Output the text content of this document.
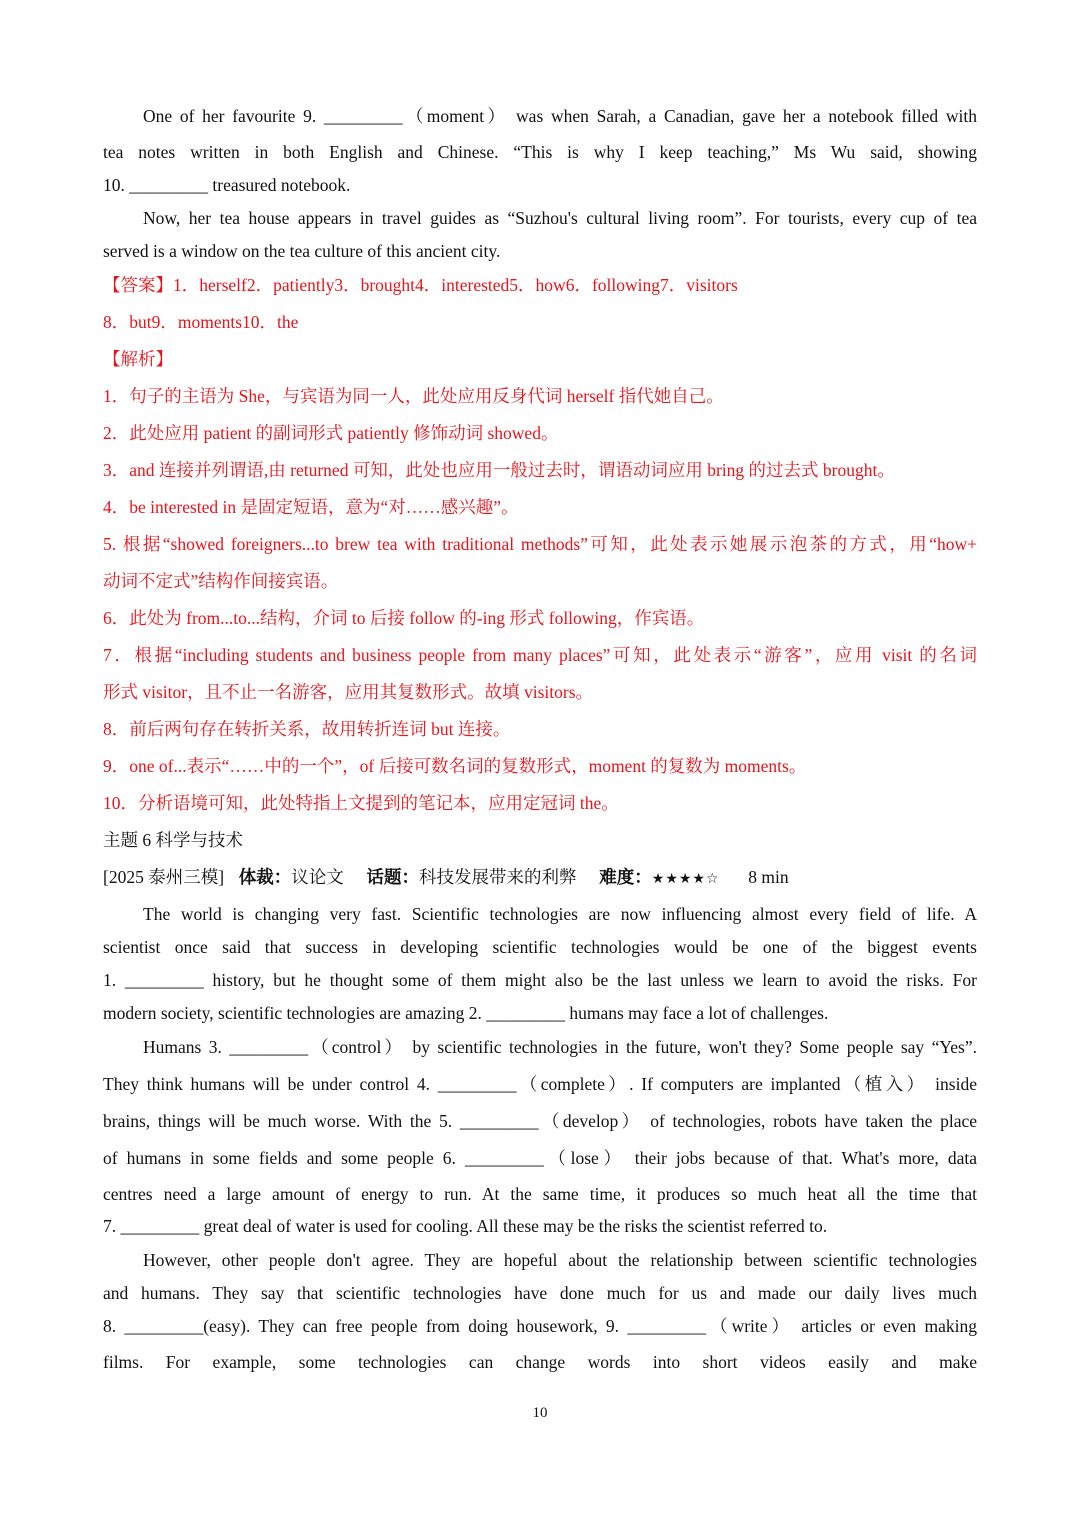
One of her favourite 9. _________（moment） was when Sarah, a Canadian, gave her a notebook filled with
tea notes written in both English and Chinese. “This is why I keep teaching,” Ms Wu said, showing
10. _________ treasured notebook.
Now, her tea house appears in travel guides as “Suzhou's cultural living room”. For tourists, every cup of tea
served is a window on the tea culture of this ancient city.
【答案】1．herself2．patiently3．brought4．interested5．how6．following7．visitors
8．but9．moments10．the
【解析】
1．句子的主语为 She，与宾语为同一人，此处应用反身代词 herself 指代她自己。
2．此处应用 patient 的副词形式 patiently 修饰动词 showed。
3．and 连接并列谓语,由 returned 可知，此处也应用一般过去时，谓语动词应用 bring 的过去式 brought。
4．be interested in 是固定短语，意为“对……感兴趣”。
5. 根据“showed foreigners...to brew tea with traditional methods”可知，此处表示她展示泡茶的方式，用“how+
动词不定式”结构作间接宾语。
6．此处为 from...to...结构，介词 to 后接 follow 的-ing 形式 following，作宾语。
7．根据“including students and business people from many places”可知，此处表示“游客”，应用 visit 的名词
形式 visitor，且不止一名游客，应用其复数形式。故填 visitors。
8．前后两句存在转折关系，故用转折连词 but 连接。
9．one of...表示“……中的一个”，of 后接可数名词的复数形式，moment 的复数为 moments。
10．分析语境可知，此处特指上文提到的笔记本，应用定冠词 the。
主题 6 科学与技术
[2025 泰州三模] 体裁：议论文 话题：科技发展带来的利弊 难度：★★★★☆ 8 min
The world is changing very fast. Scientific technologies are now influencing almost every field of life. A
scientist once said that success in developing scientific technologies would be one of the biggest events
1. _________ history, but he thought some of them might also be the last unless we learn to avoid the risks. For
modern society, scientific technologies are amazing 2. _________ humans may face a lot of challenges.
Humans 3. _________（control） by scientific technologies in the future, won't they? Some people say “Yes”.
They think humans will be under control 4. _________（complete）. If computers are implanted（植入） inside
brains, things will be much worse. With the 5. _________（develop） of technologies, robots have taken the place
of humans in some fields and some people 6. _________（lose） their jobs because of that. What's more, data
centres need a large amount of energy to run. At the same time, it produces so much heat all the time that
7. _________ great deal of water is used for cooling. All these may be the risks the scientist referred to.
However, other people don't agree. They are hopeful about the relationship between scientific technologies
and humans. They say that scientific technologies have done much for us and made our daily lives much
8. _________(easy). They can free people from doing housework, 9. _________（write） articles or even making
films. For example, some technologies can change words into short videos easily and make
10
